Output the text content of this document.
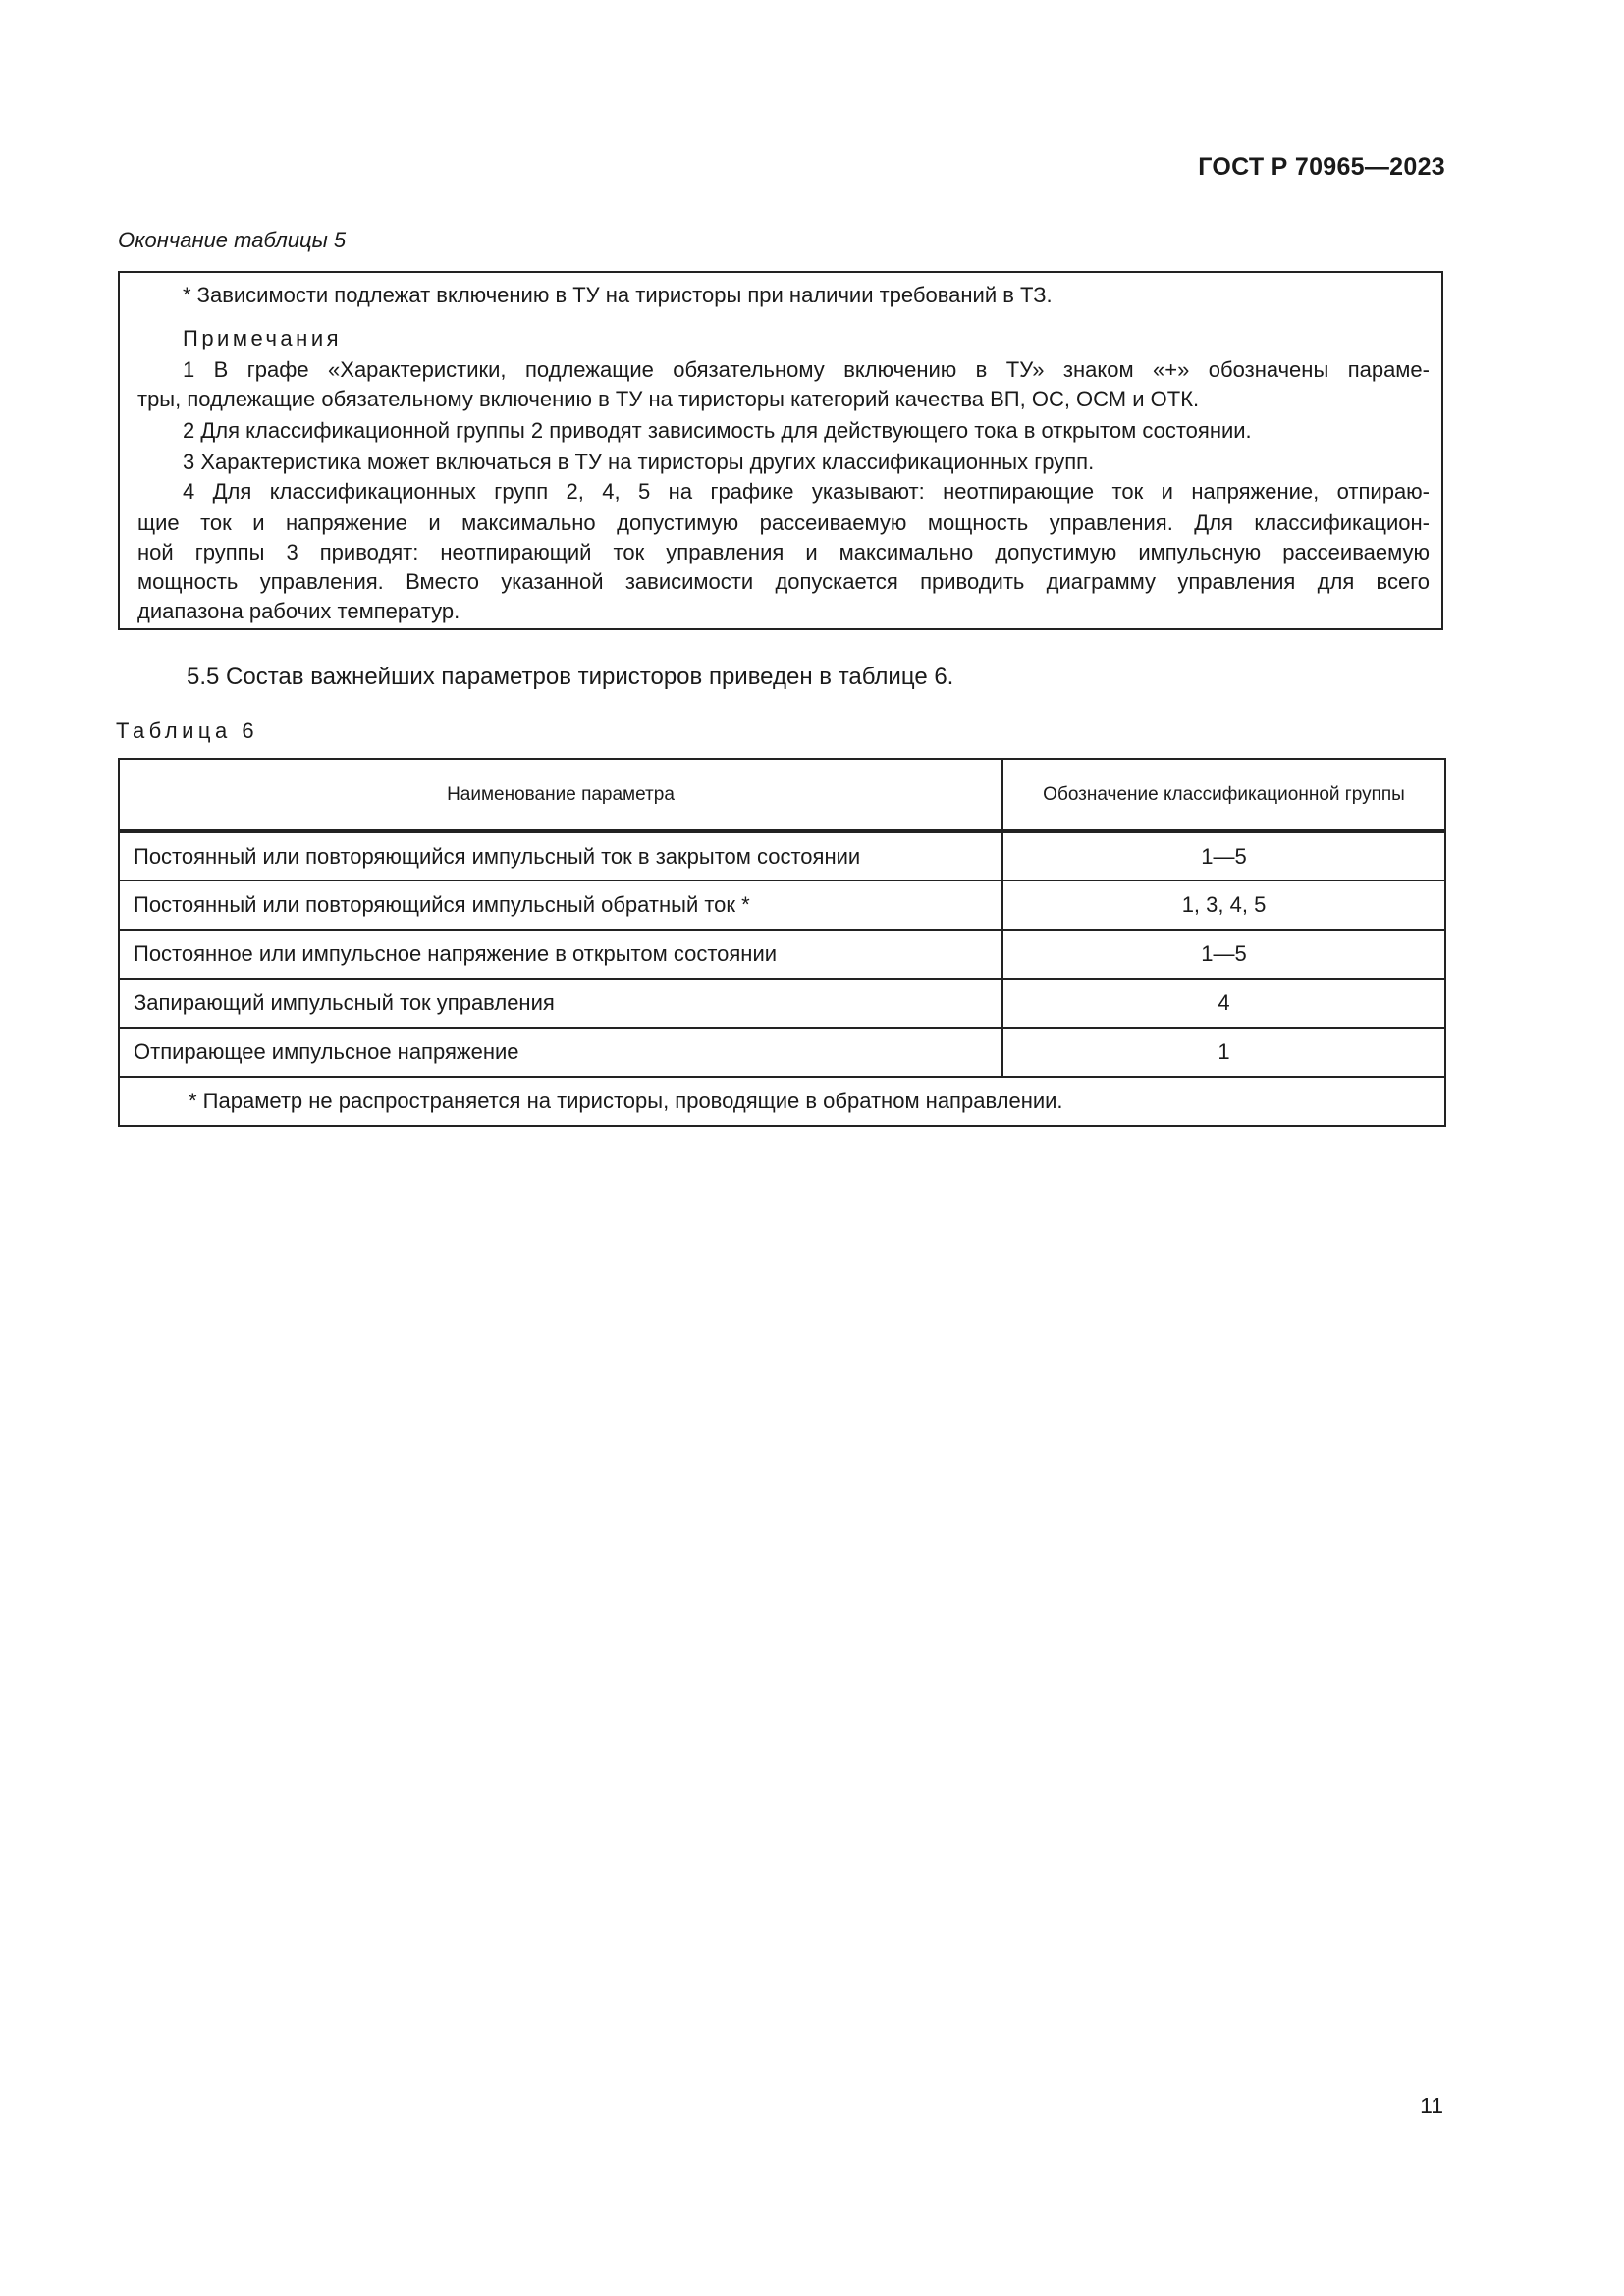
ГОСТ Р 70965—2023
Окончание таблицы 5
* Зависимости подлежат включению в ТУ на тиристоры при наличии требований в ТЗ.
Примечания
1 В графе «Характеристики, подлежащие обязательному включению в ТУ» знаком «+» обозначены параме-
тры, подлежащие обязательному включению в ТУ на тиристоры категорий качества ВП, ОС, ОСМ и ОТК.
2 Для классификационной группы 2 приводят зависимость для действующего тока в открытом состоянии.
3 Характеристика может включаться в ТУ на тиристоры других классификационных групп.
4 Для классификационных групп 2, 4, 5 на графике указывают: неотпирающие ток и напряжение, отпираю-
щие ток и напряжение и максимально допустимую рассеиваемую мощность управления. Для классификацион-
ной группы 3 приводят: неотпирающий ток управления и максимально допустимую импульсную рассеиваемую
мощность управления. Вместо указанной зависимости допускается приводить диаграмму управления для всего
диапазона рабочих температур.
5.5 Состав важнейших параметров тиристоров приведен в таблице 6.
Таблица 6
Наименование параметра	Обозначение классификационной группы
Постоянный или повторяющийся импульсный ток в закрытом состоянии	1—5
Постоянный или повторяющийся импульсный обратный ток *	1, 3, 4, 5
Постоянное или импульсное напряжение в открытом состоянии	1—5
Запирающий импульсный ток управления	4
Отпирающее импульсное напряжение	1
* Параметр не распространяется на тиристоры, проводящие в обратном направлении.	
11
